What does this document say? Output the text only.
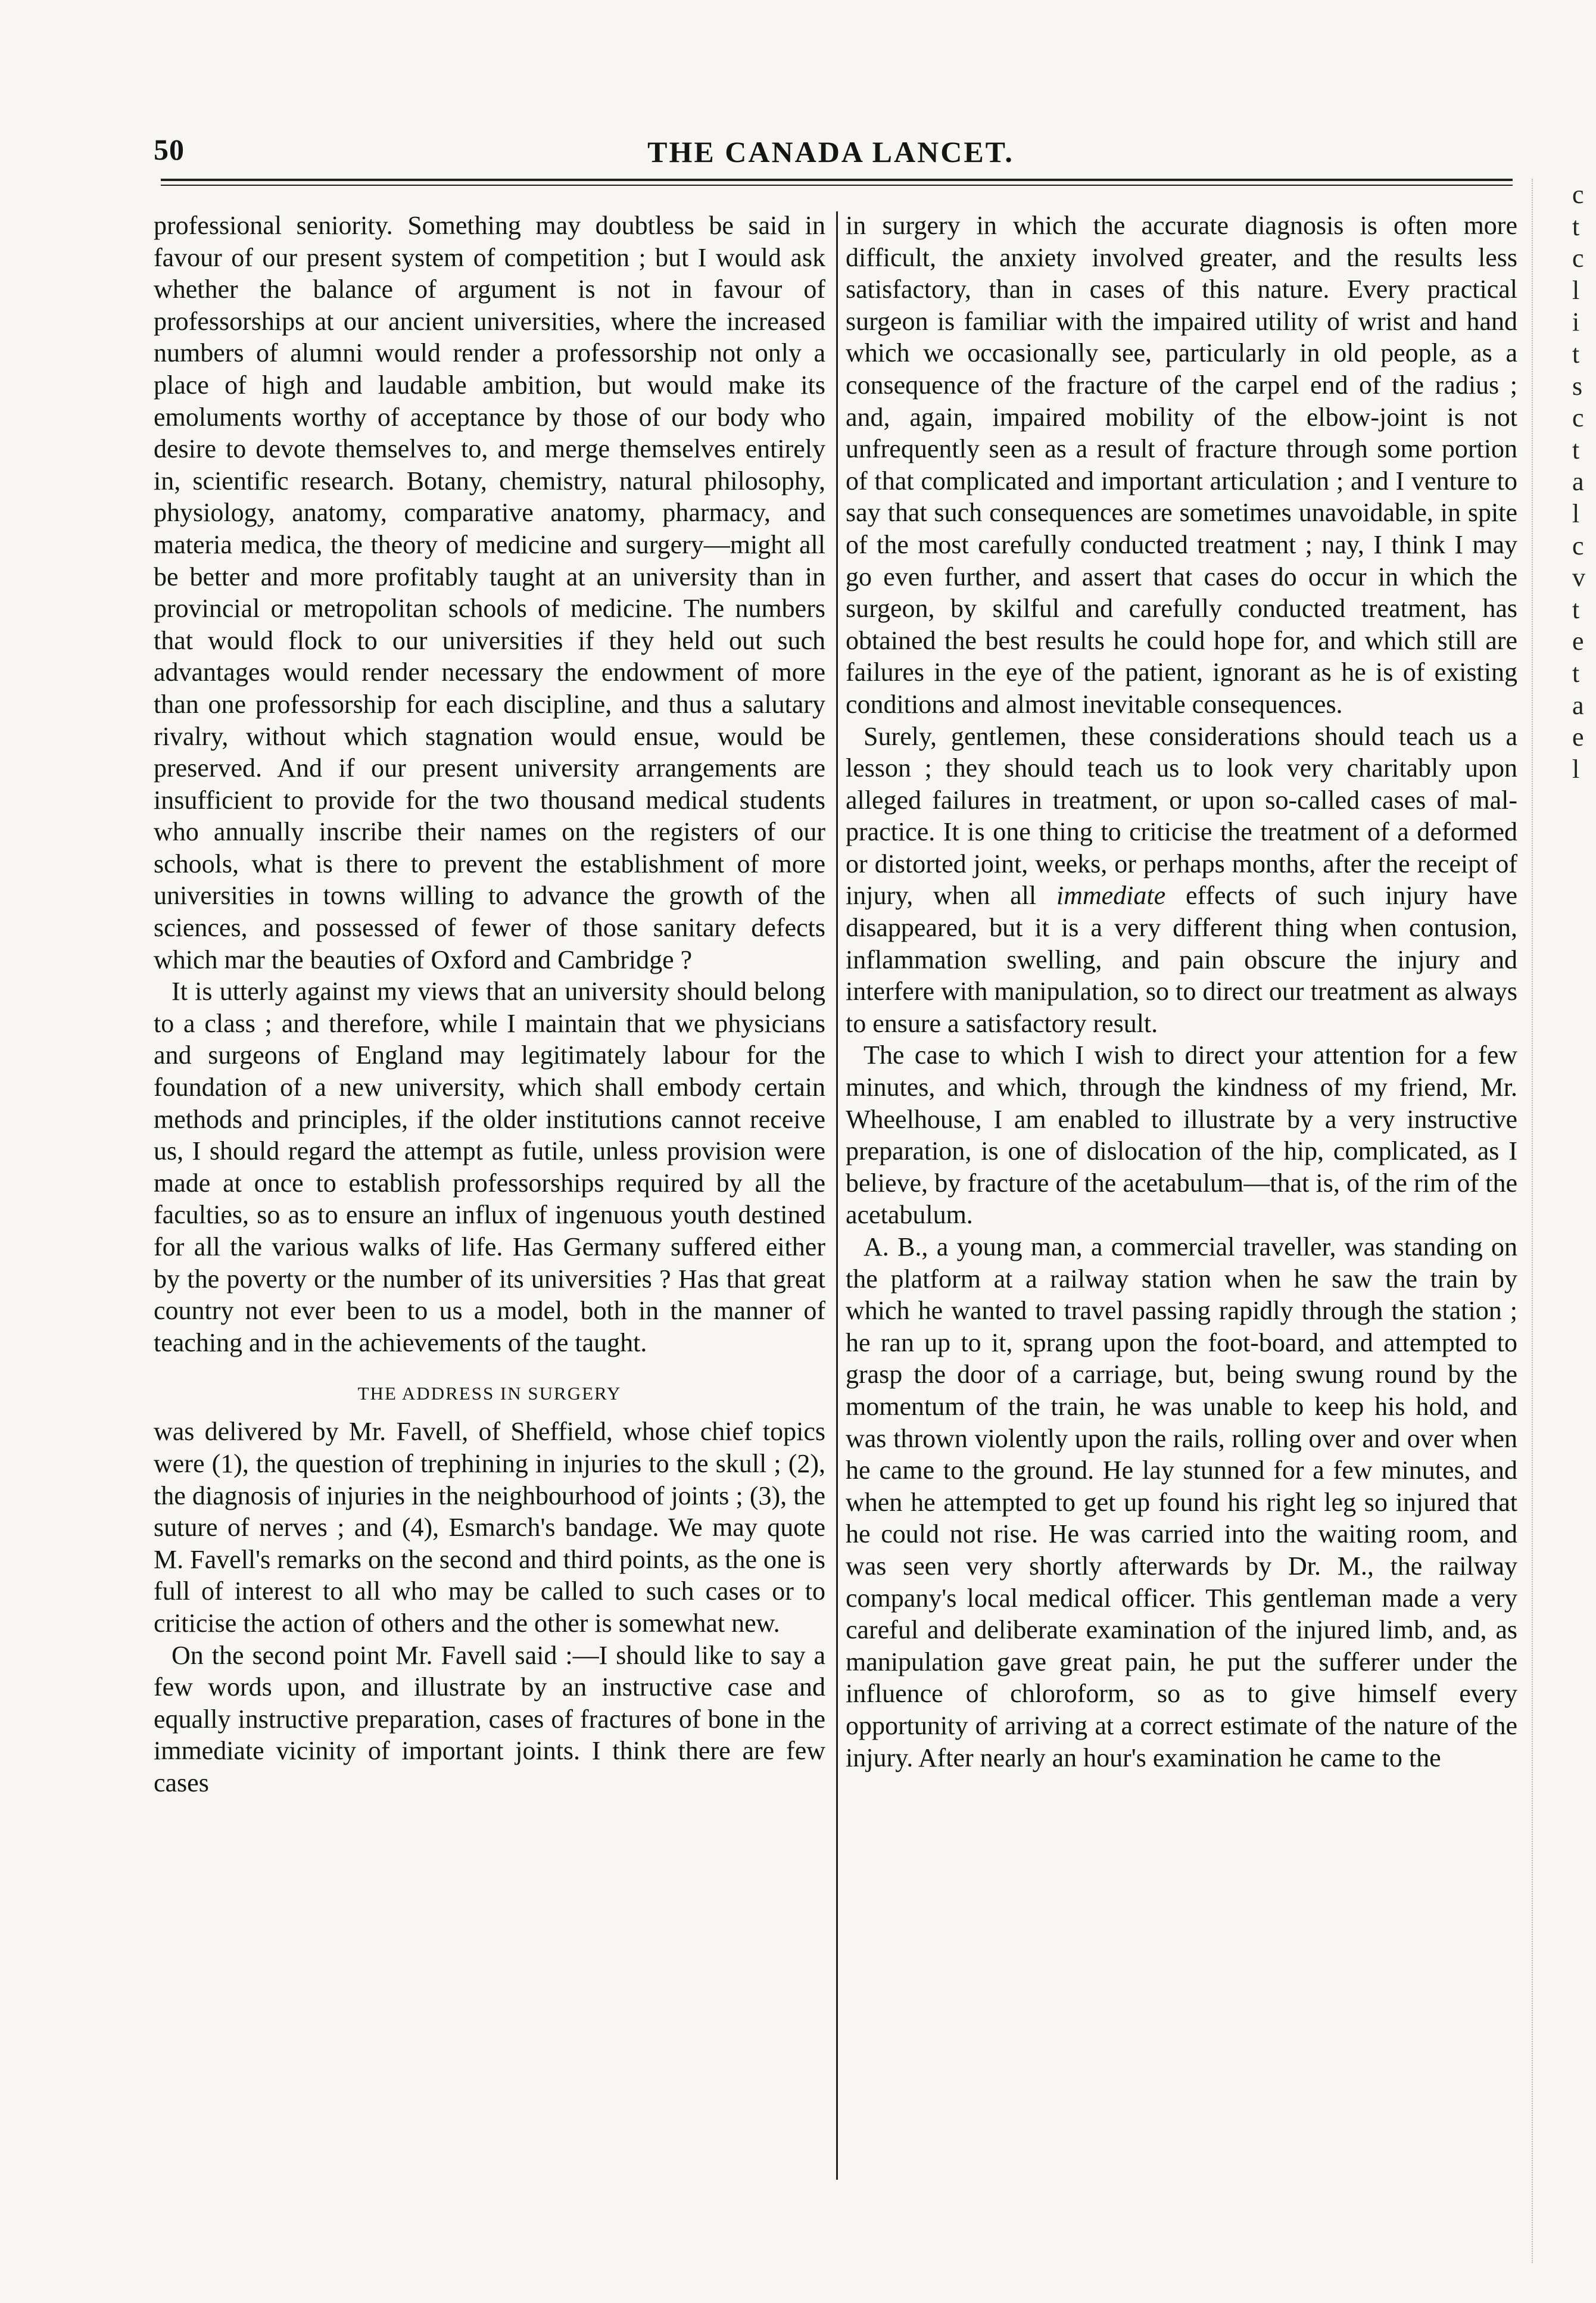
50	THE CANADA LANCET.

professional seniority. Something may doubtless be said in favour of our present system of competition ; but I would ask whether the balance of argument is not in favour of professorships at our ancient universities, where the increased numbers of alumni would render a professorship not only a place of high and laudable ambition, but would make its emoluments worthy of acceptance by those of our body who desire to devote themselves to, and merge themselves entirely in, scientific research. Botany, chemistry, natural philosophy, physiology, anatomy, comparative anatomy, pharmacy, and materia medica, the theory of medicine and surgery—might all be better and more profitably taught at an university than in provincial or metropolitan schools of medicine. The numbers that would flock to our universities if they held out such advantages would render necessary the endowment of more than one professorship for each discipline, and thus a salutary rivalry, without which stagnation would ensue, would be preserved. And if our present university arrangements are insufficient to provide for the two thousand medical students who annually inscribe their names on the registers of our schools, what is there to prevent the establishment of more universities in towns willing to advance the growth of the sciences, and possessed of fewer of those sanitary defects which mar the beauties of Oxford and Cambridge ?

It is utterly against my views that an university should belong to a class ; and therefore, while I maintain that we physicians and surgeons of England may legitimately labour for the foundation of a new university, which shall embody certain methods and principles, if the older institutions cannot receive us, I should regard the attempt as futile, unless provision were made at once to establish professorships required by all the faculties, so as to ensure an influx of ingenuous youth destined for all the various walks of life. Has Germany suffered either by the poverty or the number of its universities ? Has that great country not ever been to us a model, both in the manner of teaching and in the achievements of the taught.

THE ADDRESS IN SURGERY

was delivered by Mr. Favell, of Sheffield, whose chief topics were (1), the question of trephining in injuries to the skull ; (2), the diagnosis of injuries in the neighbourhood of joints ; (3), the suture of nerves ; and (4), Esmarch's bandage. We may quote M. Favell's remarks on the second and third points, as the one is full of interest to all who may be called to such cases or to criticise the action of others and the other is somewhat new.

On the second point Mr. Favell said :—I should like to say a few words upon, and illustrate by an instructive case and equally instructive preparation, cases of fractures of bone in the immediate vicinity of important joints. I think there are few cases

in surgery in which the accurate diagnosis is often more difficult, the anxiety involved greater, and the results less satisfactory, than in cases of this nature. Every practical surgeon is familiar with the impaired utility of wrist and hand which we occasionally see, particularly in old people, as a consequence of the fracture of the carpel end of the radius ; and, again, impaired mobility of the elbow-joint is not unfrequently seen as a result of fracture through some portion of that complicated and important articulation ; and I venture to say that such consequences are sometimes unavoidable, in spite of the most carefully conducted treatment ; nay, I think I may go even further, and assert that cases do occur in which the surgeon, by skilful and carefully conducted treatment, has obtained the best results he could hope for, and which still are failures in the eye of the patient, ignorant as he is of existing conditions and almost inevitable consequences.

Surely, gentlemen, these considerations should teach us a lesson ; they should teach us to look very charitably upon alleged failures in treatment, or upon so-called cases of mal-practice. It is one thing to criticise the treatment of a deformed or distorted joint, weeks, or perhaps months, after the receipt of injury, when all immediate effects of such injury have disappeared, but it is a very different thing when contusion, inflammation swelling, and pain obscure the injury and interfere with manipulation, so to direct our treatment as always to ensure a satisfactory result.

The case to which I wish to direct your attention for a few minutes, and which, through the kindness of my friend, Mr. Wheelhouse, I am enabled to illustrate by a very instructive preparation, is one of dislocation of the hip, complicated, as I believe, by fracture of the acetabulum—that is, of the rim of the acetabulum.

A. B., a young man, a commercial traveller, was standing on the platform at a railway station when he saw the train by which he wanted to travel passing rapidly through the station ; he ran up to it, sprang upon the foot-board, and attempted to grasp the door of a carriage, but, being swung round by the momentum of the train, he was unable to keep his hold, and was thrown violently upon the rails, rolling over and over when he came to the ground. He lay stunned for a few minutes, and when he attempted to get up found his right leg so injured that he could not rise. He was carried into the waiting room, and was seen very shortly afterwards by Dr. M., the railway company's local medical officer. This gentleman made a very careful and deliberate examination of the injured limb, and, as manipulation gave great pain, he put the sufferer under the influence of chloroform, so as to give himself every opportunity of arriving at a correct estimate of the nature of the injury. After nearly an hour's examination he came to the

c
t
c
l
i
t
s
c
t
a
l
c
v
t
e
t
a
e
l
